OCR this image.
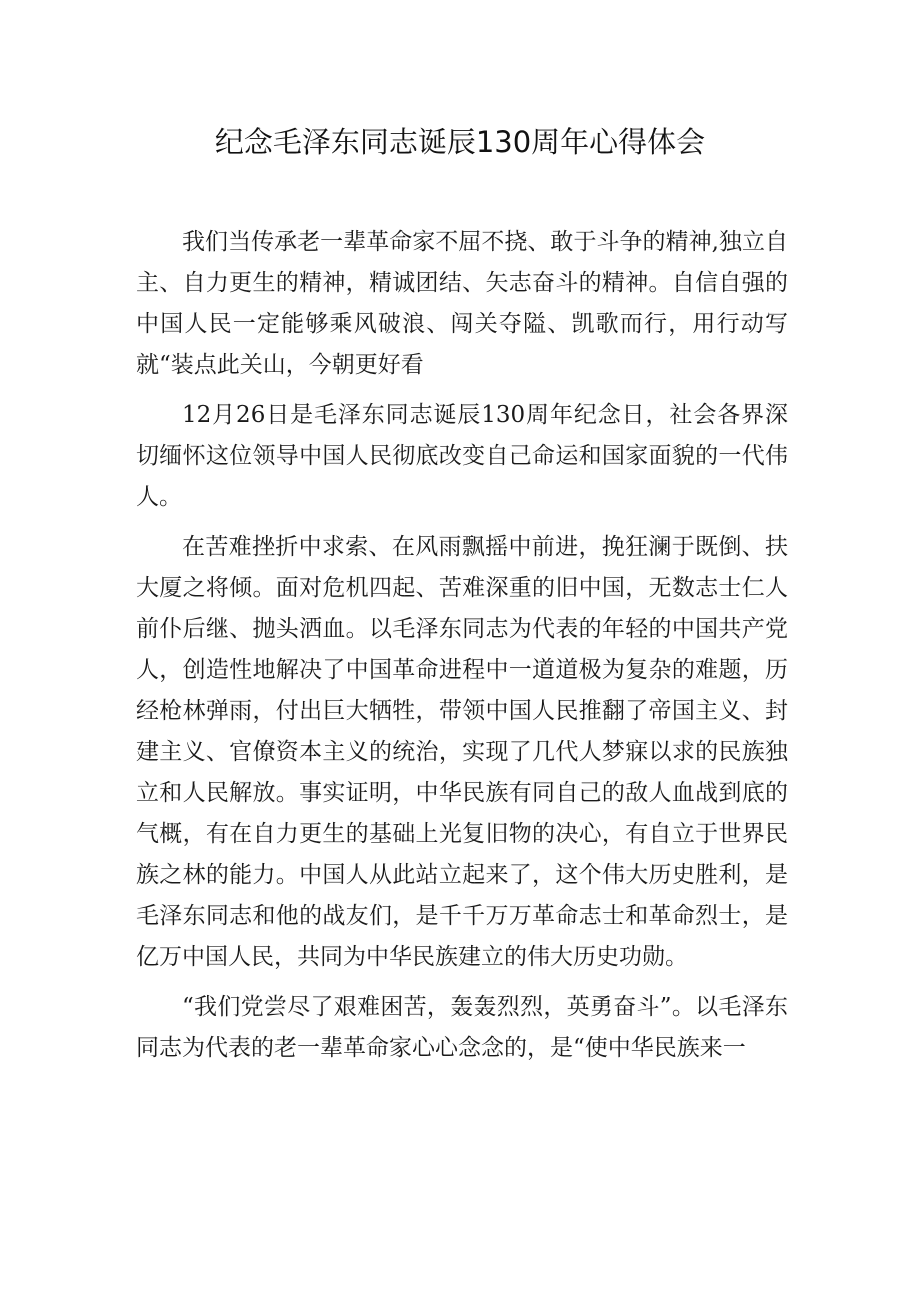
纪念毛泽东同志诞辰130周年心得体会

我们当传承老一辈革命家不屈不挠、敢于斗争的精神,独立自主、自力更生的精神，精诚团结、矢志奋斗的精神。自信自强的中国人民一定能够乘风破浪、闯关夺隘、凯歌而行，用行动写就“装点此关山，今朝更好看

12月26日是毛泽东同志诞辰130周年纪念日，社会各界深切缅怀这位领导中国人民彻底改变自己命运和国家面貌的一代伟人。

在苦难挫折中求索、在风雨飘摇中前进，挽狂澜于既倒、扶大厦之将倾。面对危机四起、苦难深重的旧中国，无数志士仁人前仆后继、抛头洒血。以毛泽东同志为代表的年轻的中国共产党人，创造性地解决了中国革命进程中一道道极为复杂的难题，历经枪林弹雨，付出巨大牺牲，带领中国人民推翻了帝国主义、封建主义、官僚资本主义的统治，实现了几代人梦寐以求的民族独立和人民解放。事实证明，中华民族有同自己的敌人血战到底的气概，有在自力更生的基础上光复旧物的决心，有自立于世界民族之林的能力。中国人从此站立起来了，这个伟大历史胜利，是毛泽东同志和他的战友们，是千千万万革命志士和革命烈士，是亿万中国人民，共同为中华民族建立的伟大历史功勋。

“我们党尝尽了艰难困苦，轰轰烈烈，英勇奋斗”。以毛泽东同志为代表的老一辈革命家心心念念的，是“使中华民族来一
